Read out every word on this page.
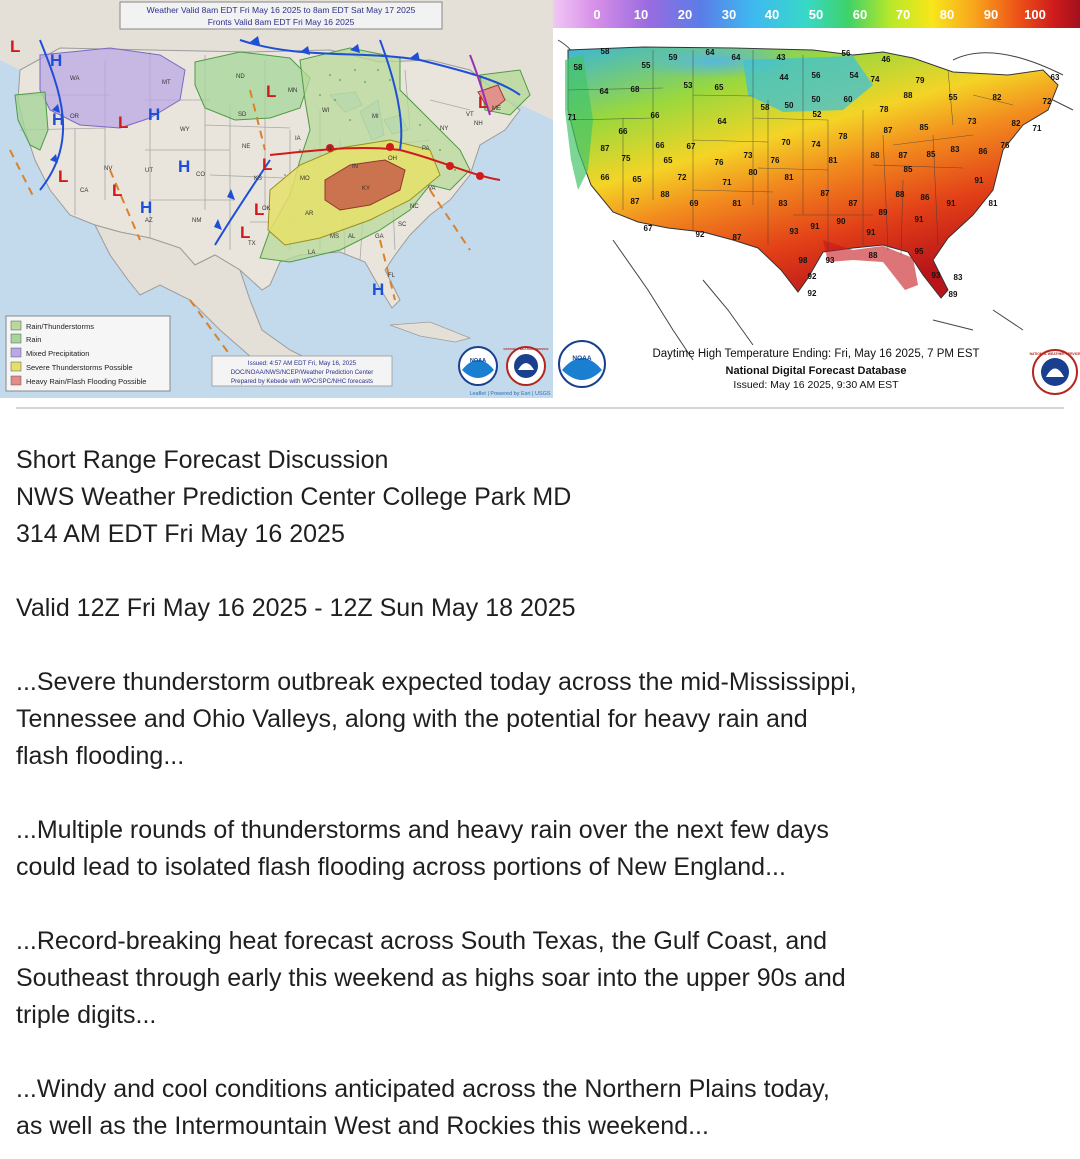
L
H
H	L H
H
H
L
L
L
L
L
L
L
H
WA
OR
CA
NV	UT
AZ
MT
WY
CO
NM
ND
SD
NE
KS
OK
TX
MN
IA
MO
AR
LA
WI
IL
MS AL	GA
FL
SC
NC
VA
KY
MI
IN
OH
PA
NY
VT
NH
ME
Weather Valid 8am EDT Fri May 16 2025 to 8am EDT Sat May 17 2025
Fronts Valid 8am EDT Fri May 16 2025
Rain/Thunderstorms
Rain
Mixed Precipitation
Severe Thunderstorms Possible
Heavy Rain/Flash Flooding Possible
Issued: 4:57 AM EDT Fri, May 16, 2025
DOC/NOAA/NWS/NCEP/Weather Prediction Center
Prepared by Kebede with WPC/SPC/NHC forecasts
NOAA
NATIONAL WEATHER SERVICE
Leaflet | Powered by Esri | USGS
0	10 20 30 40 50 60 70 80 90 100
58
58	55
59
64
64	43	56
46
64	68	53	65
44	56	54 74	79
71	66
58 50
50	60	88	55	82	72
63
66
64
52
78
73	82
71
87	66	67	70	74
78
87	85
75	65	76
73
76
88 87 85
83 86
76
66	65	72
80
81
81
85
91
71
87
88
69	81	83
87
87
88 86
91	81
67
92	87
93
91
90
89
91
91
88	95
98 93
92
92
93 83
89
Daytime High Temperature Ending: Fri, May 16 2025, 7 PM EST
National Digital Forecast Database
Issued: May 16 2025, 9:30 AM EST
NOAA
NATIONAL WEATHER SERVICE

Short Range Forecast Discussion

NWS Weather Prediction Center College Park MD

314 AM EDT Fri May 16 2025

Valid 12Z Fri May 16 2025 - 12Z Sun May 18 2025

...Severe thunderstorm outbreak expected today across the mid-Mississippi,

Tennessee and Ohio Valleys, along with the potential for heavy rain and

flash flooding...

...Multiple rounds of thunderstorms and heavy rain over the next few days

could lead to isolated flash flooding across portions of New England...

...Record-breaking heat forecast across South Texas, the Gulf Coast, and

Southeast through early this weekend as highs soar into the upper 90s and

triple digits...

...Windy and cool conditions anticipated across the Northern Plains today,

as well as the Intermountain West and Rockies this weekend...
